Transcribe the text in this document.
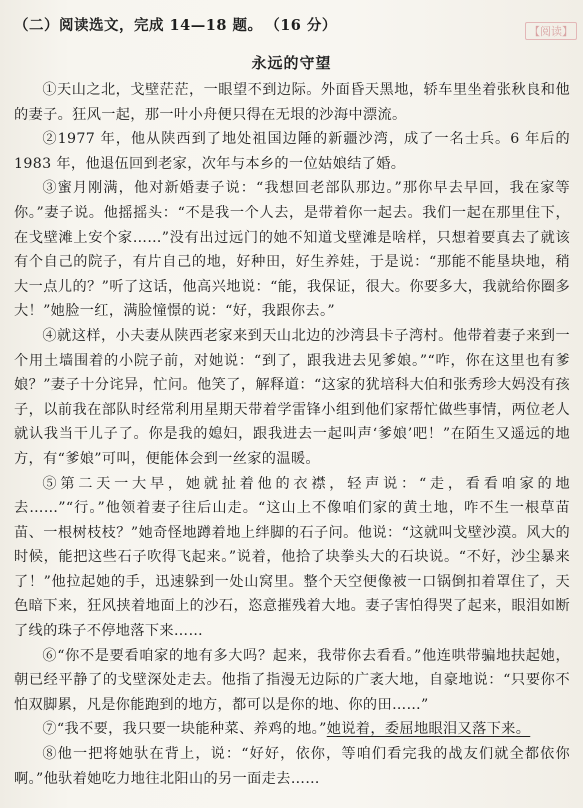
（二）阅读选文，完成 14—18 题。 （16 分）	【阅读】
永远的守望

①天山之北，戈壁茫茫，一眼望不到边际。外面昏天黑地，轿车里坐着张秋良和他的妻子。狂风一起，那一叶小舟便只得在无垠的沙海中漂流。

②1977 年，他从陕西到了地处祖国边陲的新疆沙湾，成了一名士兵。6 年后的 1983 年，他退伍回到老家，次年与本乡的一位姑娘结了婚。

③蜜月刚满，他对新婚妻子说：“我想回老部队那边。”那你早去早回，我在家等你。”妻子说。他摇摇头：“不是我一个人去，是带着你一起去。我们一起在那里住下，在戈壁滩上安个家……”没有出过远门的她不知道戈壁滩是啥样，只想着要真去了就该有个自己的院子，有片自己的地，好种田，好生养娃，于是说：“那能不能垦块地，稍大一点儿的？”听了这话，他高兴地说：“能，我保证，很大。你要多大，我就给你圈多大！”她脸一红，满脸憧憬的说：“好，我跟你去。”

④就这样，小夫妻从陕西老家来到天山北边的沙湾县卡子湾村。他带着妻子来到一个用土墙围着的小院子前，对她说：“到了，跟我进去见爹娘。”“咋，你在这里也有爹娘？”妻子十分诧异，忙问。他笑了，解释道：“这家的犹培科大伯和张秀珍大妈没有孩子，以前我在部队时经常利用星期天带着学雷锋小组到他们家帮忙做些事情，两位老人就认我当干儿子了。你是我的媳妇，跟我进去一起叫声‘爹娘’吧！”在陌生又遥远的地方，有“爹娘”可叫，便能体会到一丝家的温暖。

⑤第二天一大早，她就扯着他的衣襟，轻声说：“走，看看咱家的地去……”“行。”他领着妻子往后山走。“这山上不像咱们家的黄土地，咋不生一根草苗苗、一根树枝枝？”她奇怪地蹲着地上绊脚的石子问。他说：“这就叫戈壁沙漠。风大的时候，能把这些石子吹得飞起来。”说着，他拾了块拳头大的石块说。“不好，沙尘暴来了！”他拉起她的手，迅速躲到一处山窝里。整个天空便像被一口锅倒扣着罩住了，天色暗下来，狂风挟着地面上的沙石，恣意摧残着大地。妻子害怕得哭了起来，眼泪如断了线的珠子不停地落下来……

⑥“你不是要看咱家的地有多大吗？起来，我带你去看看。”他连哄带骗地扶起她，朝已经平静了的戈壁深处走去。他指了指漫无边际的广袤大地，自豪地说：“只要你不怕双脚累，凡是你能跑到的地方，都可以是你的地、你的田……”

⑦“我不要，我只要一块能种菜、养鸡的地。”她说着，委屈地眼泪又落下来。

⑧他一把将她驮在背上，说：“好好，依你，等咱们看完我的战友们就全都依你啊。”他驮着她吃力地往北阳山的另一面走去……
